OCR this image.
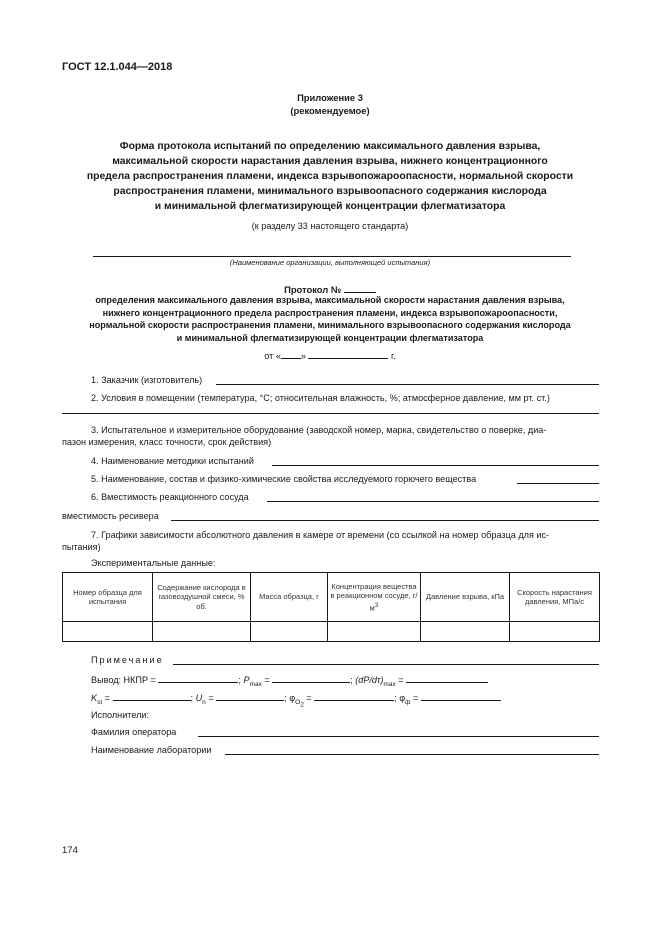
ГОСТ 12.1.044—2018
Приложение 3
(рекомендуемое)
Форма протокола испытаний по определению максимального давления взрыва,
максимальной скорости нарастания давления взрыва, нижнего концентрационного
предела распространения пламени, индекса взрывопожароопасности, нормальной скорости
распространения пламени, минимального взрывоопасного содержания кислорода
и минимальной флегматизирующей концентрации флегматизатора
(к разделу 33 настоящего стандарта)
(Наименование организации, выполняющей испытания)
Протокол №
определения максимального давления взрыва, максимальной скорости нарастания давления взрыва,
нижнего концентрационного предела распространения пламени, индекса взрывопожароопасности,
нормальной скорости распространения пламени, минимального взрывоопасного содержания кислорода
и минимальной флегматизирующей концентрации флегматизатора
от « »	г.
1. Заказчик (изготовитель)
2. Условия в помещении (температура, °С; относительная влажность, %; атмосферное давление, мм рт. ст.)
3. Испытательное и измерительное оборудование (заводской номер, марка, свидетельство о поверке, диа-
пазон измерения, класс точности, срок действия)
4. Наименование методики испытаний
5. Наименование, состав и физико-химические свойства исследуемого горючего вещества
6. Вместимость реакционного сосуда
вместимость ресивера
7. Графики зависимости абсолютного давления в камере от времени (со ссылкой на номер образца для ис-
пытания)
Экспериментальные данные:
Номер образца для испытания	Содержание кислорода в газовоздушной смеси, % об.	Масса образца, г	Концентрация вещества в реакционном сосуде, $г/м^3$	Давление взрыва, кПа	Скорость нарастания давления, МПа/с

Примечание
Вывод: НКПР =	; $P_{max}$ =	; $(dP/d\tau)_{max}$ =
$K_{st}$ =	; $U_n$ =	; $\varphi_{O_2}$ =	; $\varphi_ф$ =
Исполнители:
Фамилия оператора
Наименование лаборатории
174
